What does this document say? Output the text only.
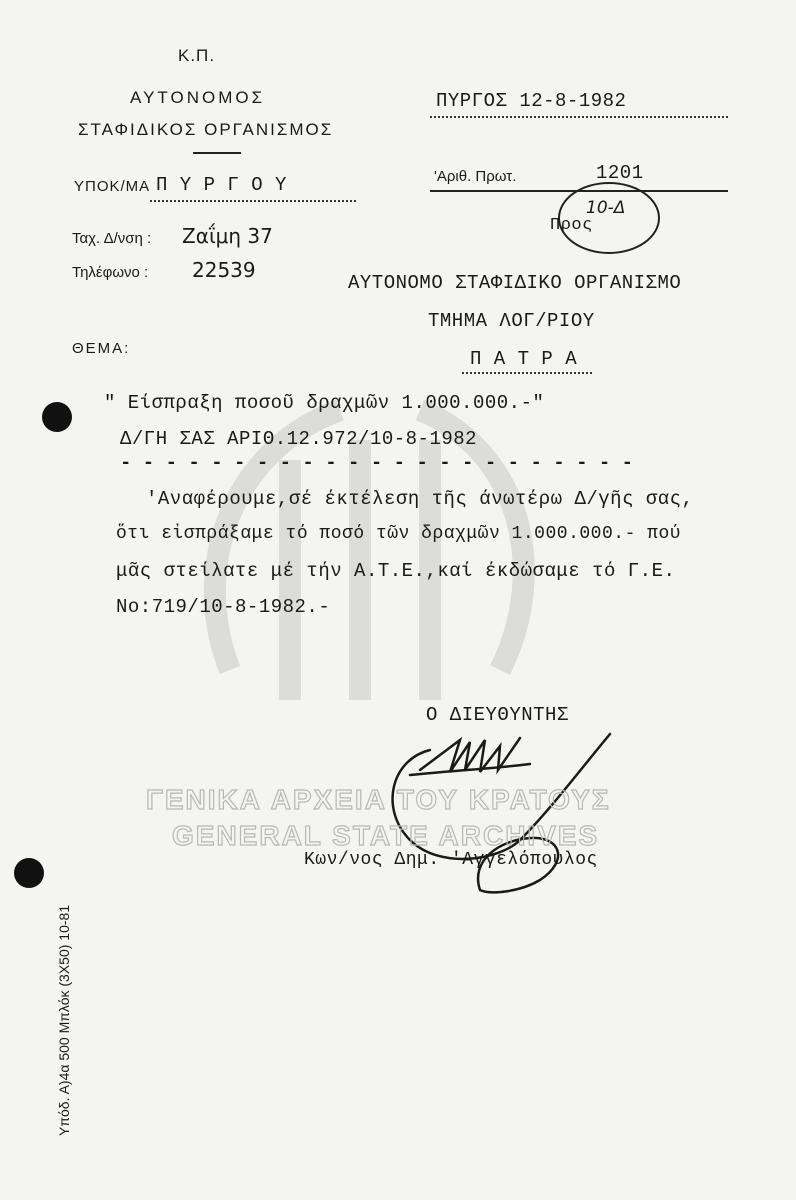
Κ.Π.
ΑΥΤΟΝΟΜΟΣ
ΣΤΑΦΙΔΙΚΟΣ ΟΡΓΑΝΙΣΜΟΣ
ΥΠΟΚ/ΜΑ Π Υ Ρ Γ Ο Υ
Ταχ. Δ/νση : Ζαΐμη 37
Τηλέφωνο : 22539
ΠΥΡΓΟΣ 12-8-1982
'Αριθ. Πρωτ.	1201
10-Δ
Προς
ΑΥΤΟΝΟΜΟ ΣΤΑΦΙΔΙΚΟ ΟΡΓΑΝΙΣΜΟ
ΤΜΗΜΑ ΛΟΓ/ΡΙΟΥ
Π Α Τ Ρ Α
ΘΕΜΑ:
" Είσπραξη ποσοῦ δραχμῶν 1.000.000.-"
Δ/ΓΗ ΣΑΣ ΑΡΙΘ.12.972/10-8-1982
- - - - - - - - - - - - - - - - - - - - - - -
'Αναφέρουμε,σέ έκτέλεση τῆς άνωτέρω Δ/γῆς σας,
ὅτι εἰσπράξαμε τό ποσό τῶν δραχμῶν 1.000.000.- πού
μᾶς στείλατε μέ τήν Α.Τ.Ε.,καί έκδώσαμε τό Γ.Ε.
Νο:719/10-8-1982.-
Ο ΔΙΕΥΘΥΝΤΗΣ
Κων/νος Δημ. 'Αγγελόπουλος
ΓΕΝΙΚΑ ΑΡΧΕΙΑ ΤΟΥ ΚΡΑΤΟΥΣ
GENERAL STATE ARCHIVES
Υπόδ. Α)4α 500 Μπλόκ (3Χ50) 10-81
